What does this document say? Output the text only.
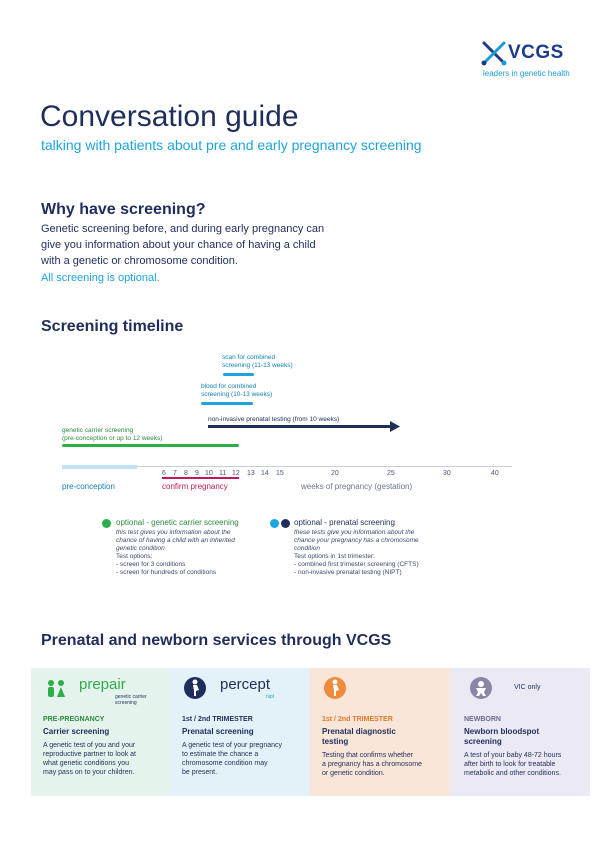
VCGS
leaders in genetic health
Conversation guide
talking with patients about pre and early pregnancy screening
Why have screening?
Genetic screening before, and during early pregnancy can
give you information about your chance of having a child
with a genetic or chromosome condition.
All screening is optional.
Screening timeline
scan for combined
screening (11-13 weeks)
blood for combined
screening (10-13 weeks)
non-invasive prenatal testing (from 10 weeks)
genetic carrier screening
(pre-conception or up to 12 weeks)
6 7 8 9 10 11 12 13 14 15	20	25	30	40
pre-conception	confirm pregnancy	weeks of pregnancy (gestation)
optional - genetic carrier screening
this test gives you information about the
chance of having a child with an inherited
genetic condition
Test options:
- screen for 3 conditions
- screen for hundreds of conditions
optional - prenatal screening
these tests give you information about the
chance your pregnancy has a chromosome
condition
Test options in 1st trimester:
- combined first trimester screening (CFTS)
- non-invasive prenatal testing (NIPT)
Prenatal and newborn services through VCGS
prepair
genetic carrier
screening
PRE-PREGNANCY
Carrier screening
A genetic test of you and your
reproductive partner to look at
what genetic conditions you
may pass on to your children.
percept
nipt
1st / 2nd TRIMESTER
Prenatal screening
A genetic test of your pregnancy
to estimate the chance a
chromosome condition may
be present.
1st / 2nd TRIMESTER
Prenatal diagnostic
testing
Testing that confirms whether
a pregnancy has a chromosome
or genetic condition.
VIC only
NEWBORN
Newborn bloodspot
screening
A test of your baby 48-72 hours
after birth to look for treatable
metabolic and other conditions.
